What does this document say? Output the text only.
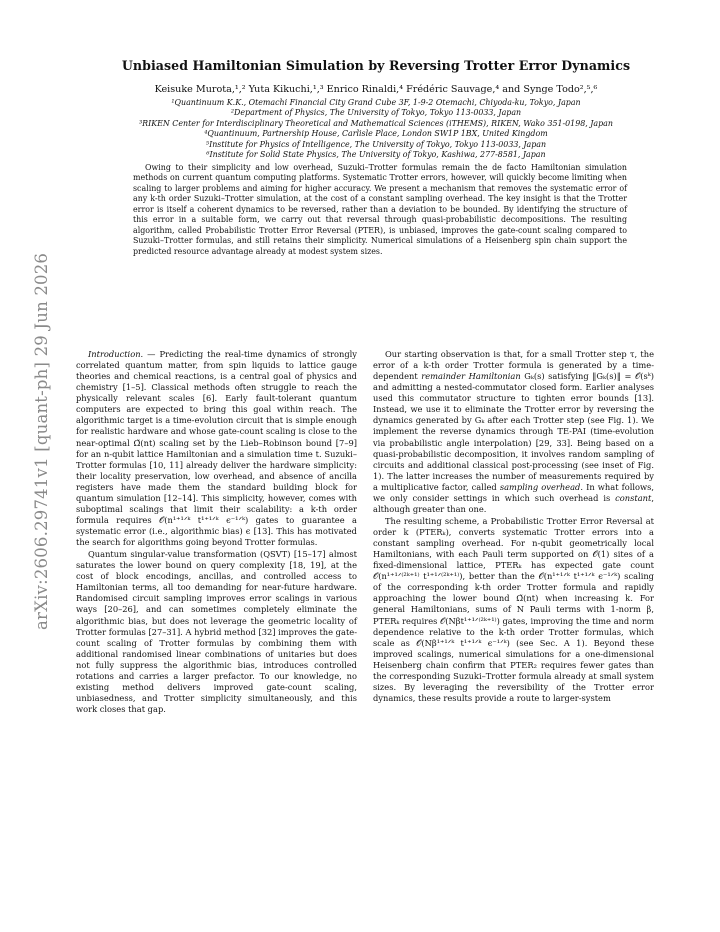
arXiv:2606.29741v1 [quant-ph] 29 Jun 2026
Unbiased Hamiltonian Simulation by Reversing Trotter Error Dynamics
Keisuke Murota,¹,² Yuta Kikuchi,¹,³ Enrico Rinaldi,⁴ Frédéric Sauvage,⁴ and Synge Todo²,⁵,⁶
¹Quantinuum K.K., Otemachi Financial City Grand Cube 3F, 1-9-2 Otemachi, Chiyoda-ku, Tokyo, Japan
²Department of Physics, The University of Tokyo, Tokyo 113-0033, Japan
³RIKEN Center for Interdisciplinary Theoretical and Mathematical Sciences (iTHEMS), RIKEN, Wako 351-0198, Japan
⁴Quantinuum, Partnership House, Carlisle Place, London SW1P 1BX, United Kingdom
⁵Institute for Physics of Intelligence, The University of Tokyo, Tokyo 113-0033, Japan
⁶Institute for Solid State Physics, The University of Tokyo, Kashiwa, 277-8581, Japan

Owing to their simplicity and low overhead, Suzuki–Trotter formulas remain the de facto Hamiltonian simulation methods on current quantum computing platforms. Systematic Trotter errors, however, will quickly become limiting when scaling to larger problems and aiming for higher accuracy. We present a mechanism that removes the systematic error of any k-th order Suzuki–Trotter simulation, at the cost of a constant sampling overhead. The key insight is that the Trotter error is itself a coherent dynamics to be reversed, rather than a deviation to be bounded. By identifying the structure of this error in a suitable form, we carry out that reversal through quasi-probabilistic decompositions. The resulting algorithm, called Probabilistic Trotter Error Reversal (PTER), is unbiased, improves the gate-count scaling compared to Suzuki–Trotter formulas, and still retains their simplicity. Numerical simulations of a Heisenberg spin chain support the predicted resource advantage already at modest system sizes.

Introduction. — Predicting the real-time dynamics of strongly correlated quantum matter, from spin liquids to lattice gauge theories and chemical reactions, is a central goal of physics and chemistry [1–5]. Classical methods often struggle to reach the physically relevant scales [6]. Early fault-tolerant quantum computers are expected to bring this goal within reach. The algorithmic target is a time-evolution circuit that is simple enough for realistic hardware and whose gate-count scaling is close to the near-optimal Ω̃(nt) scaling set by the Lieb–Robinson bound [7–9] for an n-qubit lattice Hamiltonian and a simulation time t. Suzuki–Trotter formulas [10, 11] already deliver the hardware simplicity: their locality preservation, low overhead, and absence of ancilla registers have made them the standard building block for quantum simulation [12–14]. This simplicity, however, comes with suboptimal scalings that limit their scalability: a k-th order formula requires 𝒪(n¹⁺¹ᐟᵏ t¹⁺¹ᐟᵏ ϵ⁻¹ᐟᵏ) gates to guarantee a systematic error (i.e., algorithmic bias) ϵ [13]. This has motivated the search for algorithms going beyond Trotter formulas.

Quantum singular-value transformation (QSVT) [15–17] almost saturates the lower bound on query complexity [18, 19], at the cost of block encodings, ancillas, and controlled access to Hamiltonian terms, all too demanding for near-future hardware. Randomised circuit sampling improves error scalings in various ways [20–26], and can sometimes completely eliminate the algorithmic bias, but does not leverage the geometric locality of Trotter formulas [27–31]. A hybrid method [32] improves the gate-count scaling of Trotter formulas by combining them with additional randomised linear combinations of unitaries but does not fully suppress the algorithmic bias, introduces controlled rotations and carries a larger prefactor. To our knowledge, no existing method delivers improved gate-count scaling, unbiasedness, and Trotter simplicity simultaneously, and this work closes that gap.

Our starting observation is that, for a small Trotter step τ, the error of a k-th order Trotter formula is generated by a time-dependent remainder Hamiltonian Gₖ(s) satisfying ‖Gₖ(s)‖ = 𝒪(sᵏ) and admitting a nested-commutator closed form. Earlier analyses used this commutator structure to tighten error bounds [13]. Instead, we use it to eliminate the Trotter error by reversing the dynamics generated by Gₖ after each Trotter step (see Fig. 1). We implement the reverse dynamics through TE-PAI (time-evolution via probabilistic angle interpolation) [29, 33]. Being based on a quasi-probabilistic decomposition, it involves random sampling of circuits and additional classical post-processing (see inset of Fig. 1). The latter increases the number of measurements required by a multiplicative factor, called sampling overhead. In what follows, we only consider settings in which such overhead is constant, although greater than one.

The resulting scheme, a Probabilistic Trotter Error Reversal at order k (PTERₖ), converts systematic Trotter errors into a constant sampling overhead. For n-qubit geometrically local Hamiltonians, with each Pauli term supported on 𝒪(1) sites of a fixed-dimensional lattice, PTERₖ has expected gate count 𝒪(n¹⁺¹ᐟ⁽²ᵏ⁺¹⁾ t¹⁺¹ᐟ⁽²ᵏ⁺¹⁾), better than the 𝒪(n¹⁺¹ᐟᵏ t¹⁺¹ᐟᵏ ϵ⁻¹ᐟᵏ) scaling of the corresponding k-th order Trotter formula and rapidly approaching the lower bound Ω̃(nt) when increasing k. For general Hamiltonians, sums of N Pauli terms with 1-norm β, PTERₖ requires 𝒪(Nβt¹⁺¹ᐟ⁽²ᵏ⁺¹⁾) gates, improving the time and norm dependence relative to the k-th order Trotter formulas, which scale as 𝒪(Nβ¹⁺¹ᐟᵏ t¹⁺¹ᐟᵏ ϵ⁻¹ᐟᵏ) (see Sec. A 1). Beyond these improved scalings, numerical simulations for a one-dimensional Heisenberg chain confirm that PTER₂ requires fewer gates than the corresponding Suzuki–Trotter formula already at small system sizes. By leveraging the reversibility of the Trotter error dynamics, these results provide a route to larger-system
